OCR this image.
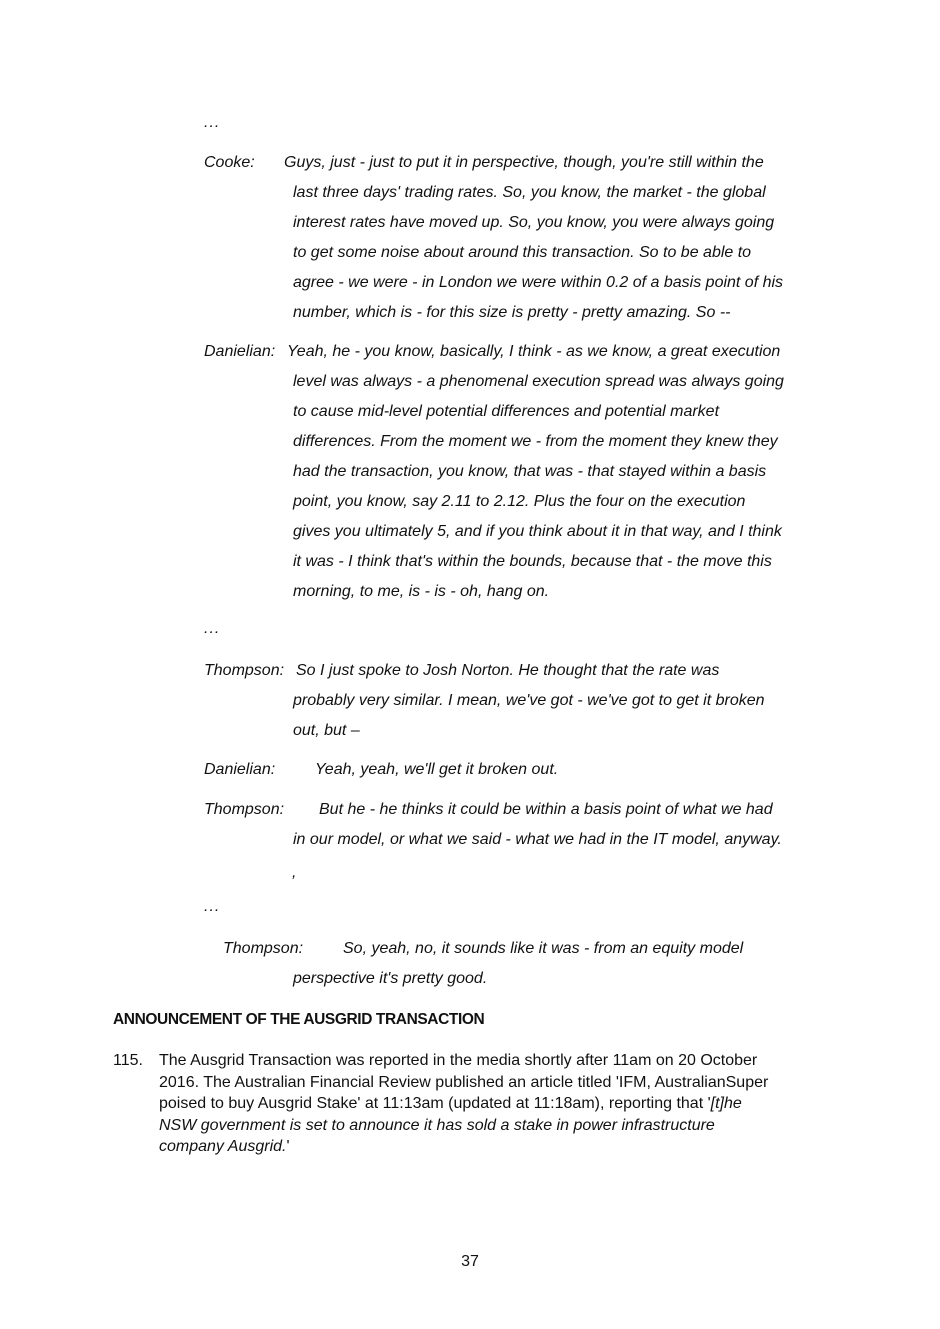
...
Cooke: Guys, just - just to put it in perspective, though, you're still within the
last three days' trading rates. So, you know, the market - the global
interest rates have moved up. So, you know, you were always going
to get some noise about around this transaction. So to be able to
agree - we were - in London we were within 0.2 of a basis point of his
number, which is - for this size is pretty - pretty amazing. So --
Danielian: Yeah, he - you know, basically, I think - as we know, a great execution
level was always - a phenomenal execution spread was always going
to cause mid-level potential differences and potential market
differences. From the moment we - from the moment they knew they
had the transaction, you know, that was - that stayed within a basis
point, you know, say 2.11 to 2.12. Plus the four on the execution
gives you ultimately 5, and if you think about it in that way, and I think
it was - I think that's within the bounds, because that - the move this
morning, to me, is - is - oh, hang on.
...
Thompson: So I just spoke to Josh Norton. He thought that the rate was
probably very similar. I mean, we've got - we've got to get it broken
out, but –
Danielian: Yeah, yeah, we'll get it broken out.
Thompson: But he - he thinks it could be within a basis point of what we had
in our model, or what we said - what we had in the IT model, anyway.
,
...
Thompson: So, yeah, no, it sounds like it was - from an equity model
perspective it's pretty good.
ANNOUNCEMENT OF THE AUSGRID TRANSACTION
115. The Ausgrid Transaction was reported in the media shortly after 11am on 20 October
2016. The Australian Financial Review published an article titled 'IFM, AustralianSuper
poised to buy Ausgrid Stake' at 11:13am (updated at 11:18am), reporting that '[t]he
NSW government is set to announce it has sold a stake in power infrastructure
company Ausgrid.'
37
